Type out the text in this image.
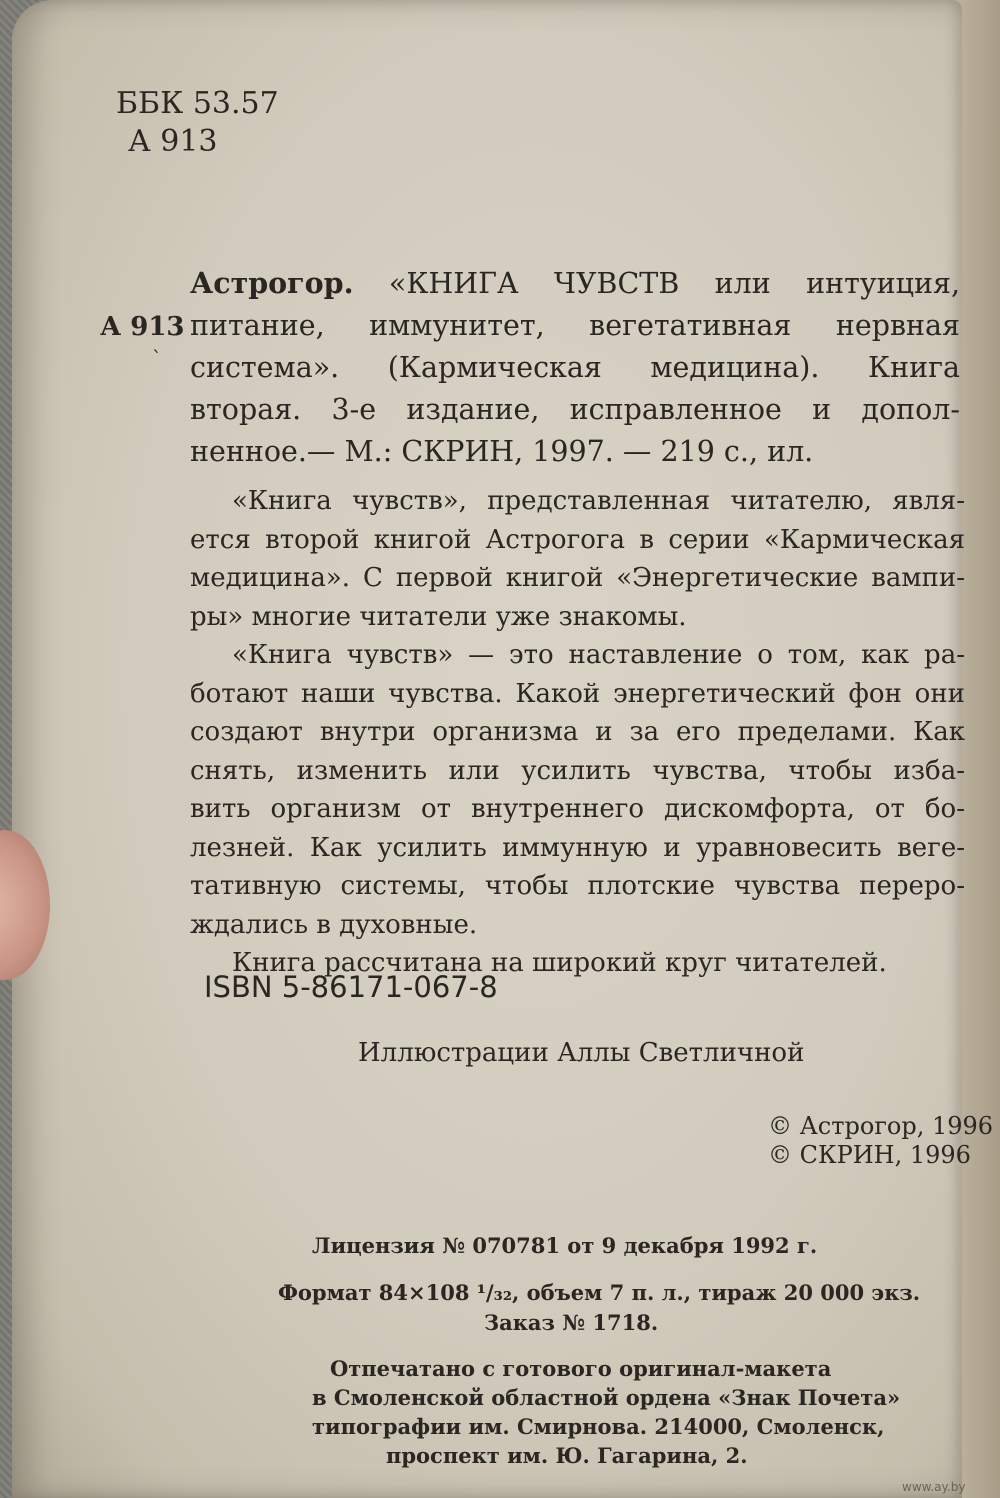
ББК 53.57
А 913
А 913
ˋ
Астрогор. «КНИГА ЧУВСТВ или интуиция,
питание, иммунитет, вегетативная нервная
система». (Кармическая медицина). Книга
вторая. 3-е издание, исправленное и допол-
ненное.— М.: СКРИН, 1997. — 219 с., ил.
«Книга чувств», представленная читателю, явля-
ется второй книгой Астрогога в серии «Кармическая
медицина». С первой книгой «Энергетические вампи-
ры» многие читатели уже знакомы.
«Книга чувств» — это наставление о том, как ра-
ботают наши чувства. Какой энергетический фон они
создают внутри организма и за его пределами. Как
снять, изменить или усилить чувства, чтобы изба-
вить организм от внутреннего дискомфорта, от бо-
лезней. Как усилить иммунную и уравновесить веге-
тативную системы, чтобы плотские чувства переро-
ждались в духовные.
Книга рассчитана на широкий круг читателей.
ISBN 5-86171-067-8
Иллюстрации Аллы Светличной
© Астрогор, 1996
© СКРИН, 1996
Лицензия № 070781 от 9 декабря 1992 г.
Формат 84×108 ¹/₃₂, объем 7 п. л., тираж 20 000 экз.
Заказ № 1718.
Отпечатано с готового оригинал-макета
в Смоленской областной ордена «Знак Почета»
типографии им. Смирнова. 214000, Смоленск,
проспект им. Ю. Гагарина, 2.
www.ay.by
